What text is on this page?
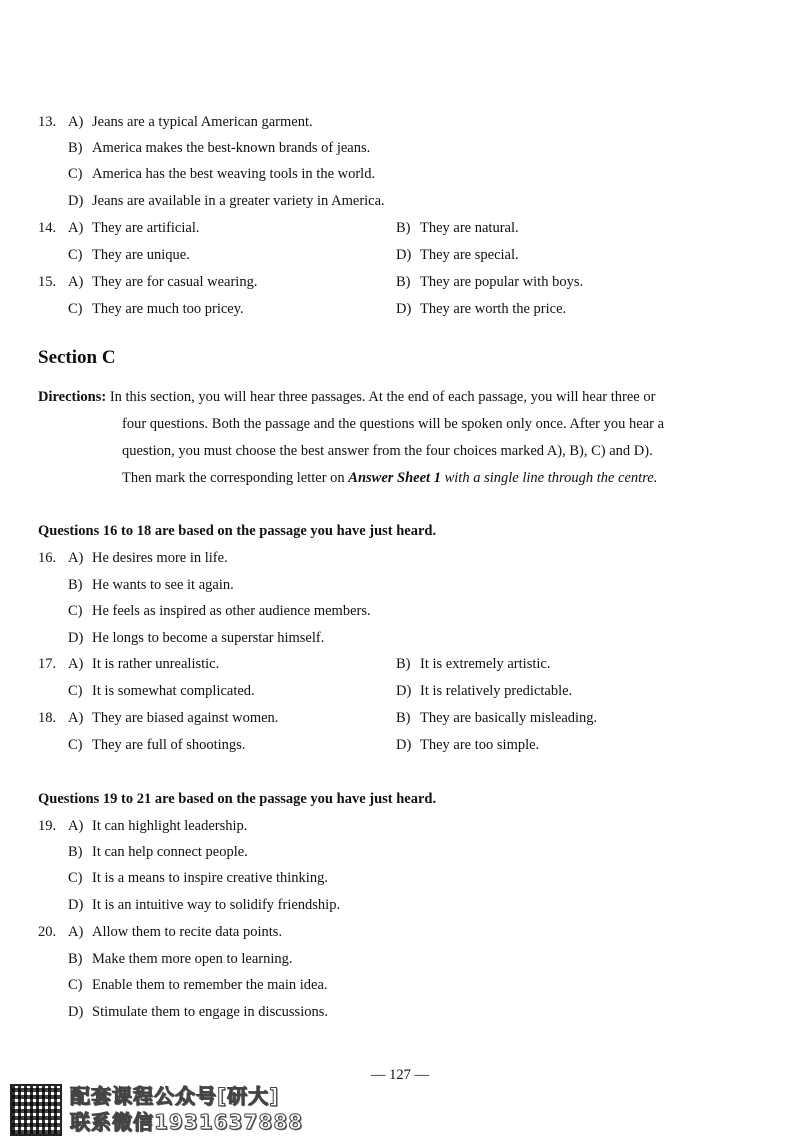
13. A) Jeans are a typical American garment.
B) America makes the best-known brands of jeans.
C) America has the best weaving tools in the world.
D) Jeans are available in a greater variety in America.
14. A) They are artificial.	B) They are natural.
C) They are unique.	D) They are special.
15. A) They are for casual wearing.	B) They are popular with boys.
C) They are much too pricey.	D) They are worth the price.
Section C
Directions: In this section, you will hear three passages. At the end of each passage, you will hear three or
four questions. Both the passage and the questions will be spoken only once. After you hear a
question, you must choose the best answer from the four choices marked A), B), C) and D).
Then mark the corresponding letter on Answer Sheet 1 with a single line through the centre.
Questions 16 to 18 are based on the passage you have just heard.
16. A) He desires more in life.
B) He wants to see it again.
C) He feels as inspired as other audience members.
D) He longs to become a superstar himself.
17. A) It is rather unrealistic.	B) It is extremely artistic.
C) It is somewhat complicated.	D) It is relatively predictable.
18. A) They are biased against women.	B) They are basically misleading.
C) They are full of shootings.	D) They are too simple.
Questions 19 to 21 are based on the passage you have just heard.
19. A) It can highlight leadership.
B) It can help connect people.
C) It is a means to inspire creative thinking.
D) It is an intuitive way to solidify friendship.
20. A) Allow them to recite data points.
B) Make them more open to learning.
C) Enable them to remember the main idea.
D) Stimulate them to engage in discussions.
— 127 —
配套课程公众号[研大]
联系微信1931637888
